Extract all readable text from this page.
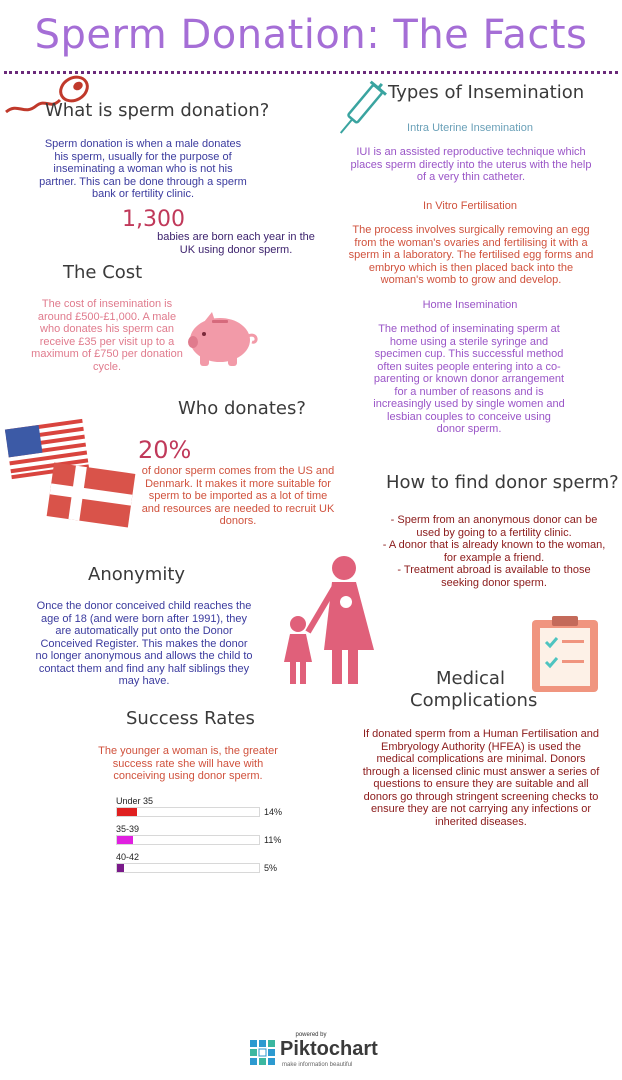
Sperm Donation: The Facts
What is sperm donation?
Sperm donation is when a male donates his sperm, usually for the purpose of inseminating a woman who is not his partner. This can be done through a sperm bank or fertility clinic.
1,300
babies are born each year in the UK using donor sperm.
The Cost
The cost of insemination is around £500-£1,000. A male who donates his sperm can receive £35 per visit up to a maximum of £750 per donation cycle.
Who donates?
20%
of donor sperm comes from the US and Denmark. It makes it more suitable for sperm to be imported as a lot of time and resources are needed to recruit UK donors.
Anonymity
Once the donor conceived child reaches the age of 18 (and were born after 1991), they are automatically put onto the Donor Conceived Register. This makes the donor no longer anonymous and allows the child to contact them and find any half siblings they may have.
Success Rates
The younger a woman is, the greater success rate she will have with conceiving using donor sperm.
Under 35
14%
35-39
11%
40-42
5%
Types of Insemination
Intra Uterine Insemination
IUI is an assisted reproductive technique which places sperm directly into the uterus with the help of a very thin catheter.
In Vitro Fertilisation
The process involves surgically removing an egg from the woman's ovaries and fertilising it with a sperm in a laboratory. The fertilised egg forms and embryo which is then placed back into the woman's womb to grow and develop.
Home Insemination
The method of inseminating sperm at home using a sterile syringe and specimen cup. This successful method often suites people entering into a co-parenting or known donor arrangement for a number of reasons and is increasingly used by single women and lesbian couples to conceive using donor sperm.
How to find donor sperm?
- Sperm from an anonymous donor can be used by going to a fertility clinic.
- A donor that is already known to the woman, for example a friend.
- Treatment abroad is available to those seeking donor sperm.
Medical
Complications
If donated sperm from a Human Fertilisation and Embryology Authority (HFEA) is used the medical complications are minimal. Donors through a licensed clinic must answer a series of questions to ensure they are suitable and all donors go through stringent screening checks to ensure they are not carrying any infections or inherited diseases.
powered by
Piktochart
make information beautiful
